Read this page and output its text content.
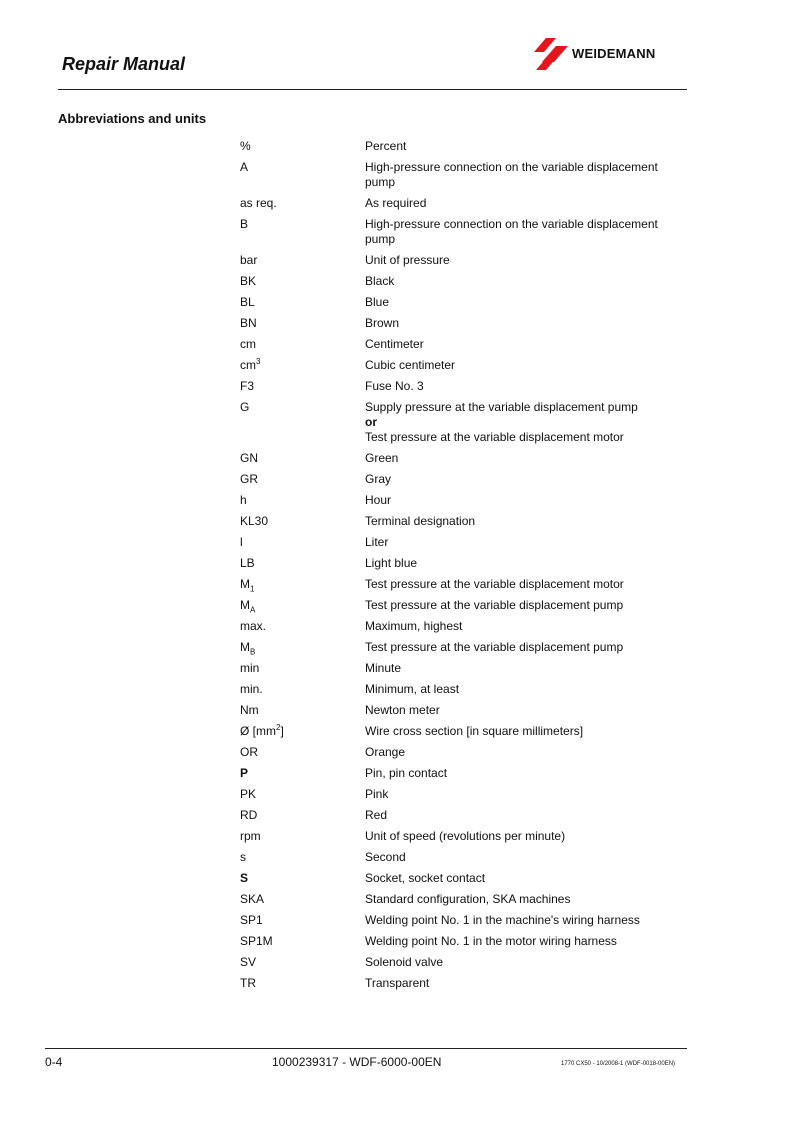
Repair Manual
WEIDEMANN
Abbreviations and units
%	Percent

A	High-pressure connection on the variable displacement pump

as req.	As required

B	High-pressure connection on the variable displacement pump

bar	Unit of pressure

BK	Black

BL	Blue

BN	Brown

cm	Centimeter

$cm^3$	Cubic centimeter

F3	Fuse No. 3

G	Supply pressure at the variable displacement pump
or
Test pressure at the variable displacement motor

GN	Green

GR	Gray

h	Hour

KL30	Terminal designation

l	Liter

LB	Light blue

$M_1$	Test pressure at the variable displacement motor

$M_A$	Test pressure at the variable displacement pump

max.	Maximum, highest

$M_B$	Test pressure at the variable displacement pump

min	Minute

min.	Minimum, at least

Nm	Newton meter

Ø $[mm^2]$	Wire cross section [in square millimeters]

OR	Orange

P	Pin, pin contact

PK	Pink

RD	Red

rpm	Unit of speed (revolutions per minute)

s	Second

S	Socket, socket contact

SKA	Standard configuration, SKA machines

SP1	Welding point No. 1 in the machine's wiring harness

SP1M	Welding point No. 1 in the motor wiring harness

SV	Solenoid valve

TR	Transparent
0-4	1000239317 - WDF-6000-00EN	1770 CX50 - 10/2008-1 (WDF-0018-00EN)
